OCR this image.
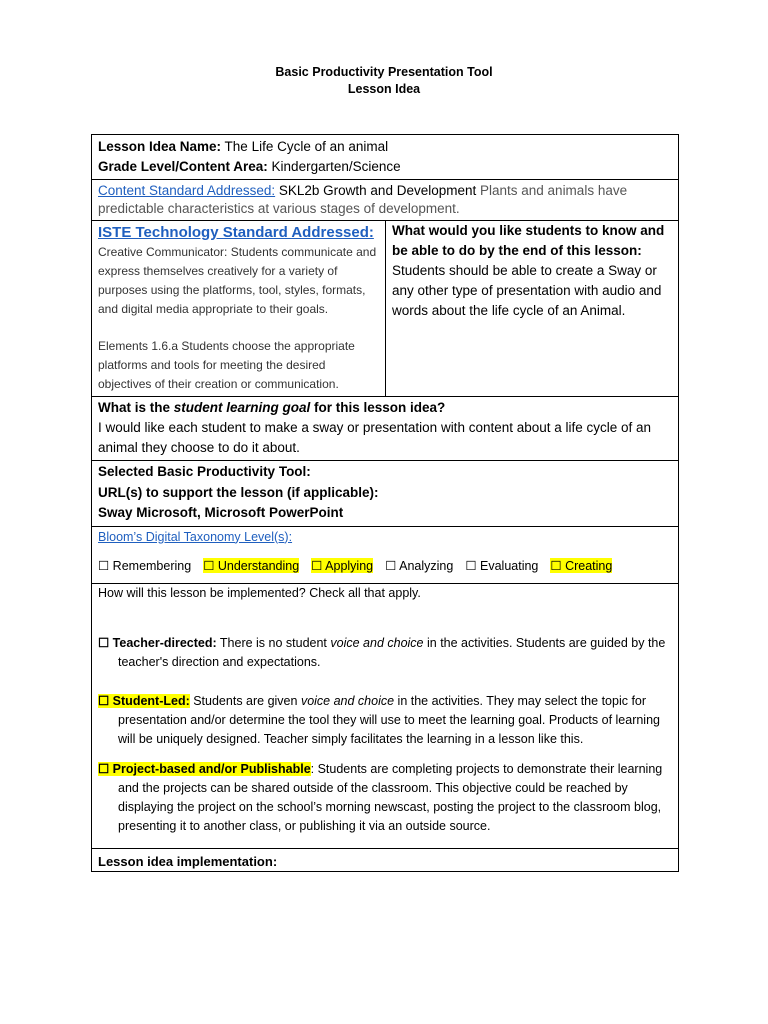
Basic Productivity Presentation Tool
Lesson Idea
Lesson Idea Name: The Life Cycle of an animal
Grade Level/Content Area: Kindergarten/Science

Content Standard Addressed: SKL2b Growth and Development Plants and animals have predictable characteristics at various stages of development.

ISTE Technology Standard Addressed:
Creative Communicator: Students communicate and express themselves creatively for a variety of purposes using the platforms, tool, styles, formats, and digital media appropriate to their goals.
Elements 1.6.a Students choose the appropriate platforms and tools for meeting the desired objectives of their creation or communication.

What would you like students to know and be able to do by the end of this lesson:
Students should be able to create a Sway or any other type of presentation with audio and words about the life cycle of an Animal.

What is the student learning goal for this lesson idea?
I would like each student to make a sway or presentation with content about a life cycle of an animal they choose to do it about.

Selected Basic Productivity Tool:
URL(s) to support the lesson (if applicable):
Sway Microsoft, Microsoft PowerPoint

Bloom’s Digital Taxonomy Level(s):
☐ Remembering ☐ Understanding ☐ Applying ☐ Analyzing ☐ Evaluating ☐ Creating

How will this lesson be implemented? Check all that apply.
☐ Teacher-directed: There is no student voice and choice in the activities. Students are guided by the teacher's direction and expectations.
☐ Student-Led: Students are given voice and choice in the activities. They may select the topic for presentation and/or determine the tool they will use to meet the learning goal. Products of learning will be uniquely designed. Teacher simply facilitates the learning in a lesson like this.
☐ Project-based and/or Publishable: Students are completing projects to demonstrate their learning and the projects can be shared outside of the classroom. This objective could be reached by displaying the project on the school’s morning newscast, posting the project to the classroom blog, presenting it to another class, or publishing it via an outside source.

Lesson idea implementation:
